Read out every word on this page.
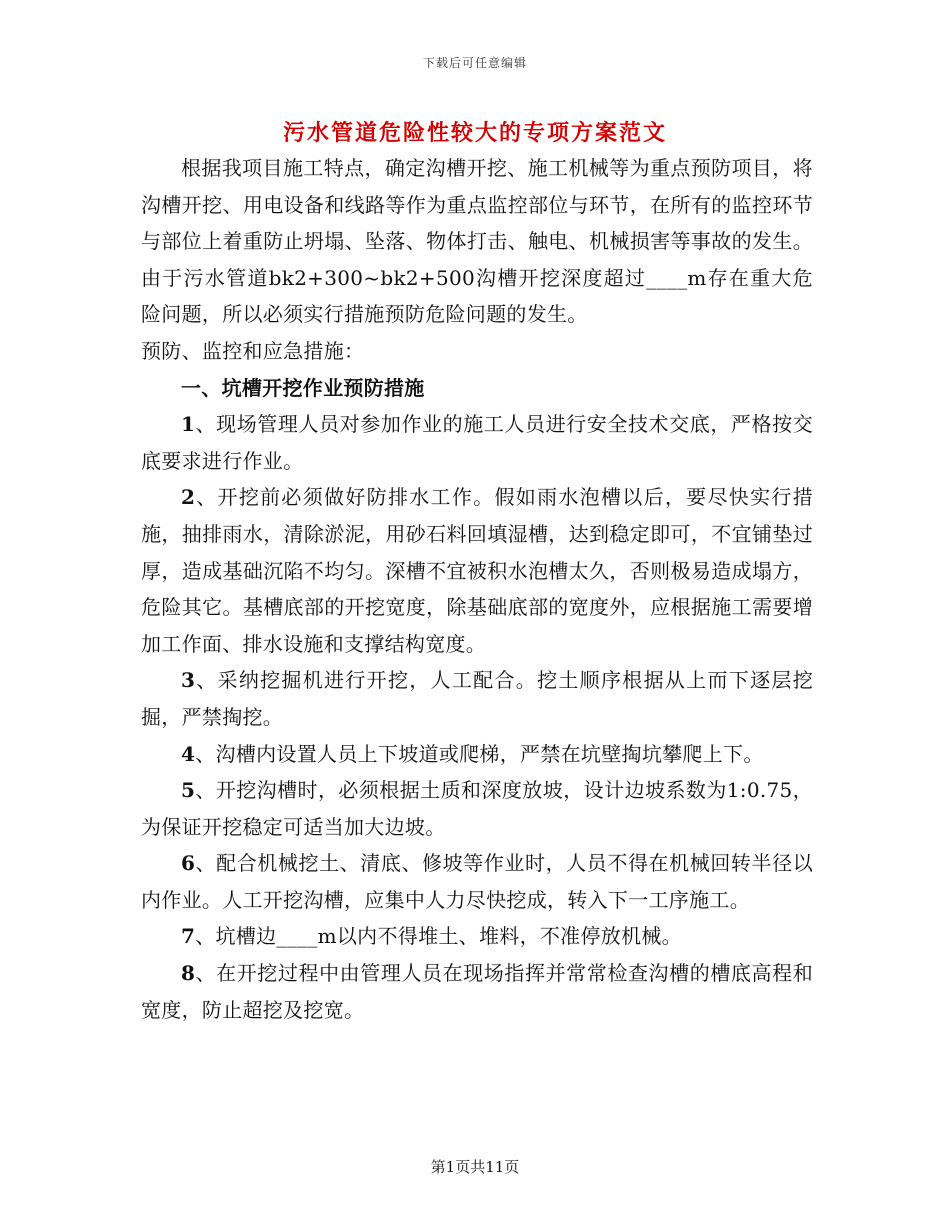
下载后可任意编辑
污水管道危险性较大的专项方案范文

根据我项目施工特点，确定沟槽开挖、施工机械等为重点预防项目，将沟槽开挖、用电设备和线路等作为重点监控部位与环节，在所有的监控环节与部位上着重防止坍塌、坠落、物体打击、触电、机械损害等事故的发生。由于污水管道bk2+300~bk2+500沟槽开挖深度超过____m存在重大危险问题，所以必须实行措施预防危险问题的发生。

预防、监控和应急措施：

一、坑槽开挖作业预防措施

1、现场管理人员对参加作业的施工人员进行安全技术交底，严格按交底要求进行作业。

2、开挖前必须做好防排水工作。假如雨水泡槽以后，要尽快实行措施，抽排雨水，清除淤泥，用砂石料回填湿槽，达到稳定即可，不宜铺垫过厚，造成基础沉陷不均匀。深槽不宜被积水泡槽太久，否则极易造成塌方，危险其它。基槽底部的开挖宽度，除基础底部的宽度外，应根据施工需要增加工作面、排水设施和支撑结构宽度。

3、采纳挖掘机进行开挖，人工配合。挖土顺序根据从上而下逐层挖掘，严禁掏挖。

4、沟槽内设置人员上下坡道或爬梯，严禁在坑壁掏坑攀爬上下。

5、开挖沟槽时，必须根据土质和深度放坡，设计边坡系数为1:0.75，为保证开挖稳定可适当加大边坡。

6、配合机械挖土、清底、修坡等作业时，人员不得在机械回转半径以内作业。人工开挖沟槽，应集中人力尽快挖成，转入下一工序施工。

7、坑槽边____m以内不得堆土、堆料，不准停放机械。

8、在开挖过程中由管理人员在现场指挥并常常检查沟槽的槽底高程和宽度，防止超挖及挖宽。

第1页共11页
